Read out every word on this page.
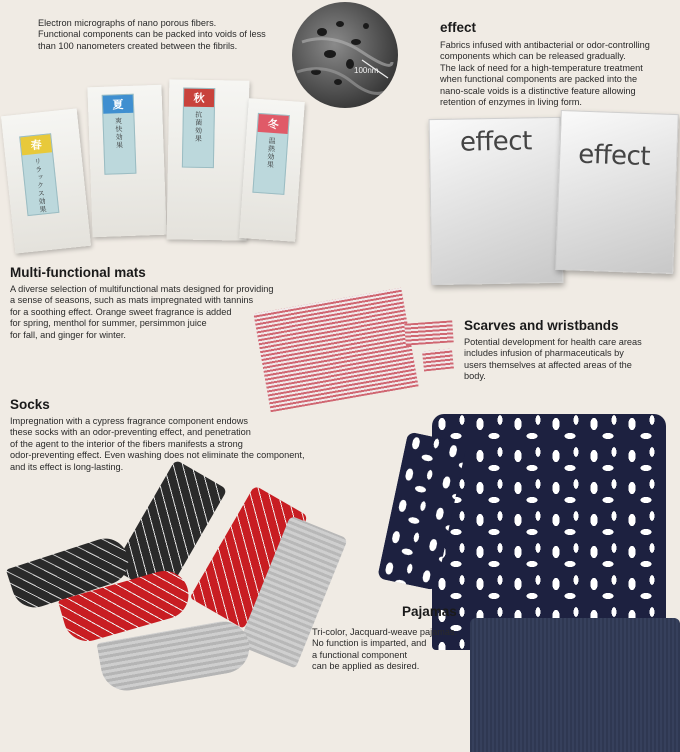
Electron micrographs of nano porous fibers.
Functional components can be packed into voids of less
than 100 nanometers created between the fibrils.
100nm
春
リラックス効果
夏
爽快効果
秋
抗菌効果	冬
温熱効果
Multi-functional mats
A diverse selection of multifunctional mats designed for providing
a sense of seasons, such as mats impregnated with tannins
for a soothing effect. Orange sweet fragrance is added
for spring, menthol for summer, persimmon juice
for fall, and ginger for winter.
effect
Fabrics infused with antibacterial or odor-controlling
components which can be released gradually.
The lack of need for a high-temperature treatment
when functional components are packed into the
nano-scale voids is a distinctive feature allowing
retention of enzymes in living form.
effect effect
Scarves and wristbands
Potential development for health care areas
includes infusion of pharmaceuticals by
users themselves at affected areas of the
body.
Socks
Impregnation with a cypress fragrance component endows
these socks with an odor-preventing effect, and penetration
of the agent to the interior of the fibers manifests a strong
odor-preventing effect. Even washing does not eliminate the component,
and its effect is long-lasting.
Pajamas
Tri-color, Jacquard-weave pajamas.
No function is imparted, and
a functional component
can be applied as desired.
